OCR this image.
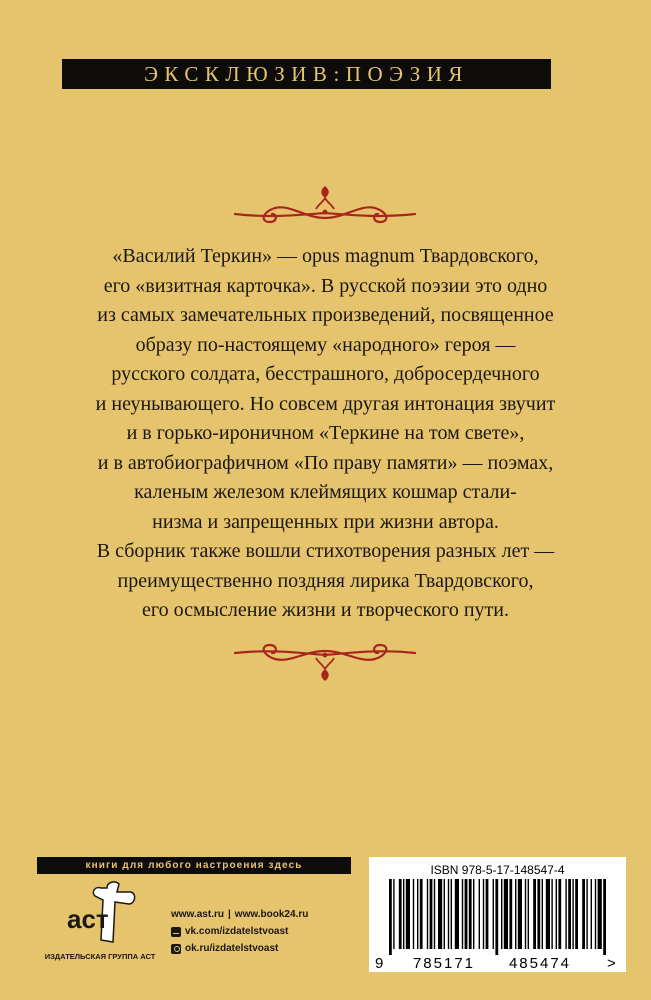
ЭКСКЛЮЗИВ:ПОЭЗИЯ
«Василий Теркин» — opus magnum Твардовского,
его «визитная карточка». В русской поэзии это одно
из самых замечательных произведений, посвященное
образу по-настоящему «народного» героя —
русского солдата, бесстрашного, добросердечного
и неунывающего. Но совсем другая интонация звучит
и в горько-ироничном «Теркине на том свете»,
и в автобиографичном «По праву памяти» — поэмах,
каленым железом клеймящих кошмар стали-
низма и запрещенных при жизни автора.
В сборник также вошли стихотворения разных лет —
преимущественно поздняя лирика Твардовского,
его осмысление жизни и творческого пути.
книги для любого настроения здесь
аст
ИЗДАТЕЛЬСКАЯ ГРУППА АСТ
www.ast.ru | www.book24.ru
vk.com/izdatelstvoast
ok.ru/izdatelstvoast
ISBN 978-5-17-148547-4
9 785171 485474 >
